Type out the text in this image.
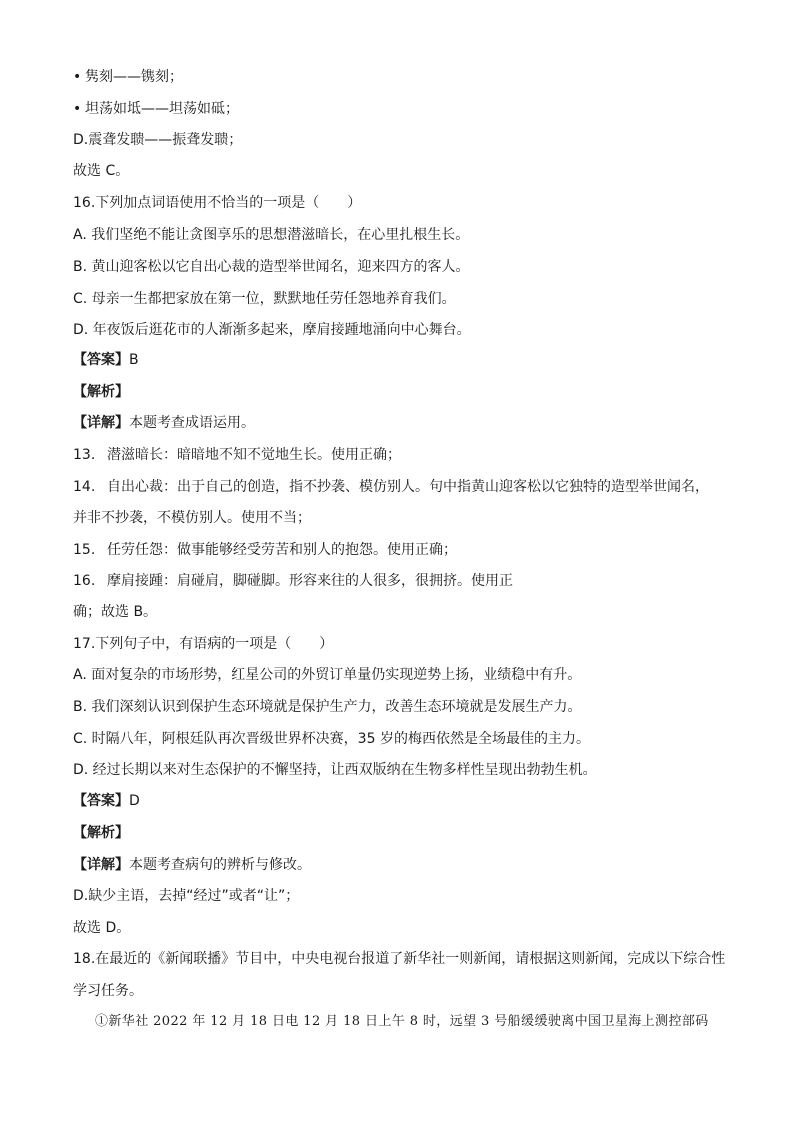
• 隽刻——镌刻；
• 坦荡如坻——坦荡如砥；
D.震聋发聩——振聋发聩；
故选 C。
16.下列加点词语使用不恰当的一项是（　　）
A. 我们坚绝不能让贪图享乐的思想潜滋暗长，在心里扎根生长。
B. 黄山迎客松以它自出心裁的造型举世闻名，迎来四方的客人。
C. 母亲一生都把家放在第一位，默默地任劳任怨地养育我们。
D. 年夜饭后逛花市的人渐渐多起来，摩肩接踵地涌向中心舞台。
【答案】B
【解析】
【详解】本题考查成语运用。
13. 潜滋暗长：暗暗地不知不觉地生长。使用正确；
14. 自出心裁：出于自己的创造，指不抄袭、模仿别人。句中指黄山迎客松以它独特的造型举世闻名，
并非不抄袭，不模仿别人。使用不当；
15. 任劳任怨：做事能够经受劳苦和别人的抱怨。使用正确；
16. 摩肩接踵：肩碰肩，脚碰脚。形容来往的人很多，很拥挤。使用正
确；故选 B。
17.下列句子中，有语病的一项是（　　）
A. 面对复杂的市场形势，红星公司的外贸订单量仍实现逆势上扬，业绩稳中有升。
B. 我们深刻认识到保护生态环境就是保护生产力，改善生态环境就是发展生产力。
C. 时隔八年，阿根廷队再次晋级世界杯决赛，35 岁的梅西依然是全场最佳的主力。
D. 经过长期以来对生态保护的不懈坚持，让西双版纳在生物多样性呈现出勃勃生机。
【答案】D
【解析】
【详解】本题考查病句的辨析与修改。
D.缺少主语，去掉“经过”或者“让”；
故选 D。
18.在最近的《新闻联播》节目中，中央电视台报道了新华社一则新闻，请根据这则新闻，完成以下综合性
学习任务。
①新华社 2022 年 12 月 18 日电 12 月 18 日上午 8 时，远望 3 号船缓缓驶离中国卫星海上测控部码
